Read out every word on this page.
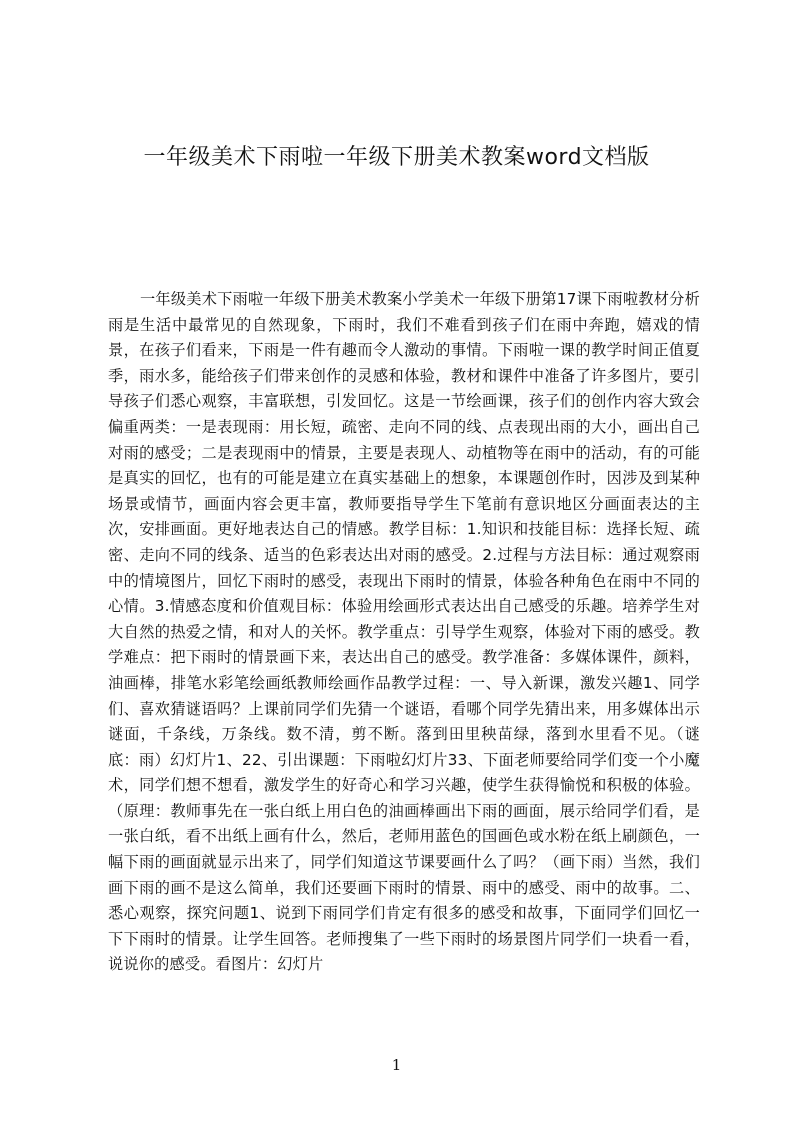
一年级美术下雨啦一年级下册美术教案word文档版

一年级美术下雨啦一年级下册美术教案小学美术一年级下册第17课下雨啦教材分析雨是生活中最常见的自然现象，下雨时，我们不难看到孩子们在雨中奔跑，嬉戏的情景，在孩子们看来，下雨是一件有趣而令人激动的事情。下雨啦一课的教学时间正值夏季，雨水多，能给孩子们带来创作的灵感和体验，教材和课件中准备了许多图片，要引导孩子们悉心观察，丰富联想，引发回忆。这是一节绘画课，孩子们的创作内容大致会偏重两类：一是表现雨：用长短，疏密、走向不同的线、点表现出雨的大小，画出自己对雨的感受；二是表现雨中的情景，主要是表现人、动植物等在雨中的活动，有的可能是真实的回忆，也有的可能是建立在真实基础上的想象，本课题创作时，因涉及到某种场景或情节，画面内容会更丰富，教师要指导学生下笔前有意识地区分画面表达的主次，安排画面。更好地表达自己的情感。教学目标：1.知识和技能目标：选择长短、疏密、走向不同的线条、适当的色彩表达出对雨的感受。2.过程与方法目标：通过观察雨中的情境图片，回忆下雨时的感受，表现出下雨时的情景，体验各种角色在雨中不同的心情。3.情感态度和价值观目标：体验用绘画形式表达出自己感受的乐趣。培养学生对大自然的热爱之情，和对人的关怀。教学重点：引导学生观察，体验对下雨的感受。教学难点：把下雨时的情景画下来，表达出自己的感受。教学准备：多媒体课件，颜料，油画棒，排笔水彩笔绘画纸教师绘画作品教学过程：一、导入新课，激发兴趣1、同学们、喜欢猜谜语吗？上课前同学们先猜一个谜语，看哪个同学先猜出来，用多媒体出示谜面，千条线，万条线。数不清，剪不断。落到田里秧苗绿，落到水里看不见。（谜底：雨）幻灯片1、22、引出课题：下雨啦幻灯片33、下面老师要给同学们变一个小魔术，同学们想不想看，激发学生的好奇心和学习兴趣，使学生获得愉悦和积极的体验。（原理：教师事先在一张白纸上用白色的油画棒画出下雨的画面，展示给同学们看，是一张白纸，看不出纸上画有什么，然后，老师用蓝色的国画色或水粉在纸上刷颜色，一幅下雨的画面就显示出来了，同学们知道这节课要画什么了吗？（画下雨）当然，我们画下雨的画不是这么简单，我们还要画下雨时的情景、雨中的感受、雨中的故事。二、悉心观察，探究问题1、说到下雨同学们肯定有很多的感受和故事，下面同学们回忆一下下雨时的情景。让学生回答。老师搜集了一些下雨时的场景图片同学们一块看一看，说说你的感受。看图片：幻灯片

1
